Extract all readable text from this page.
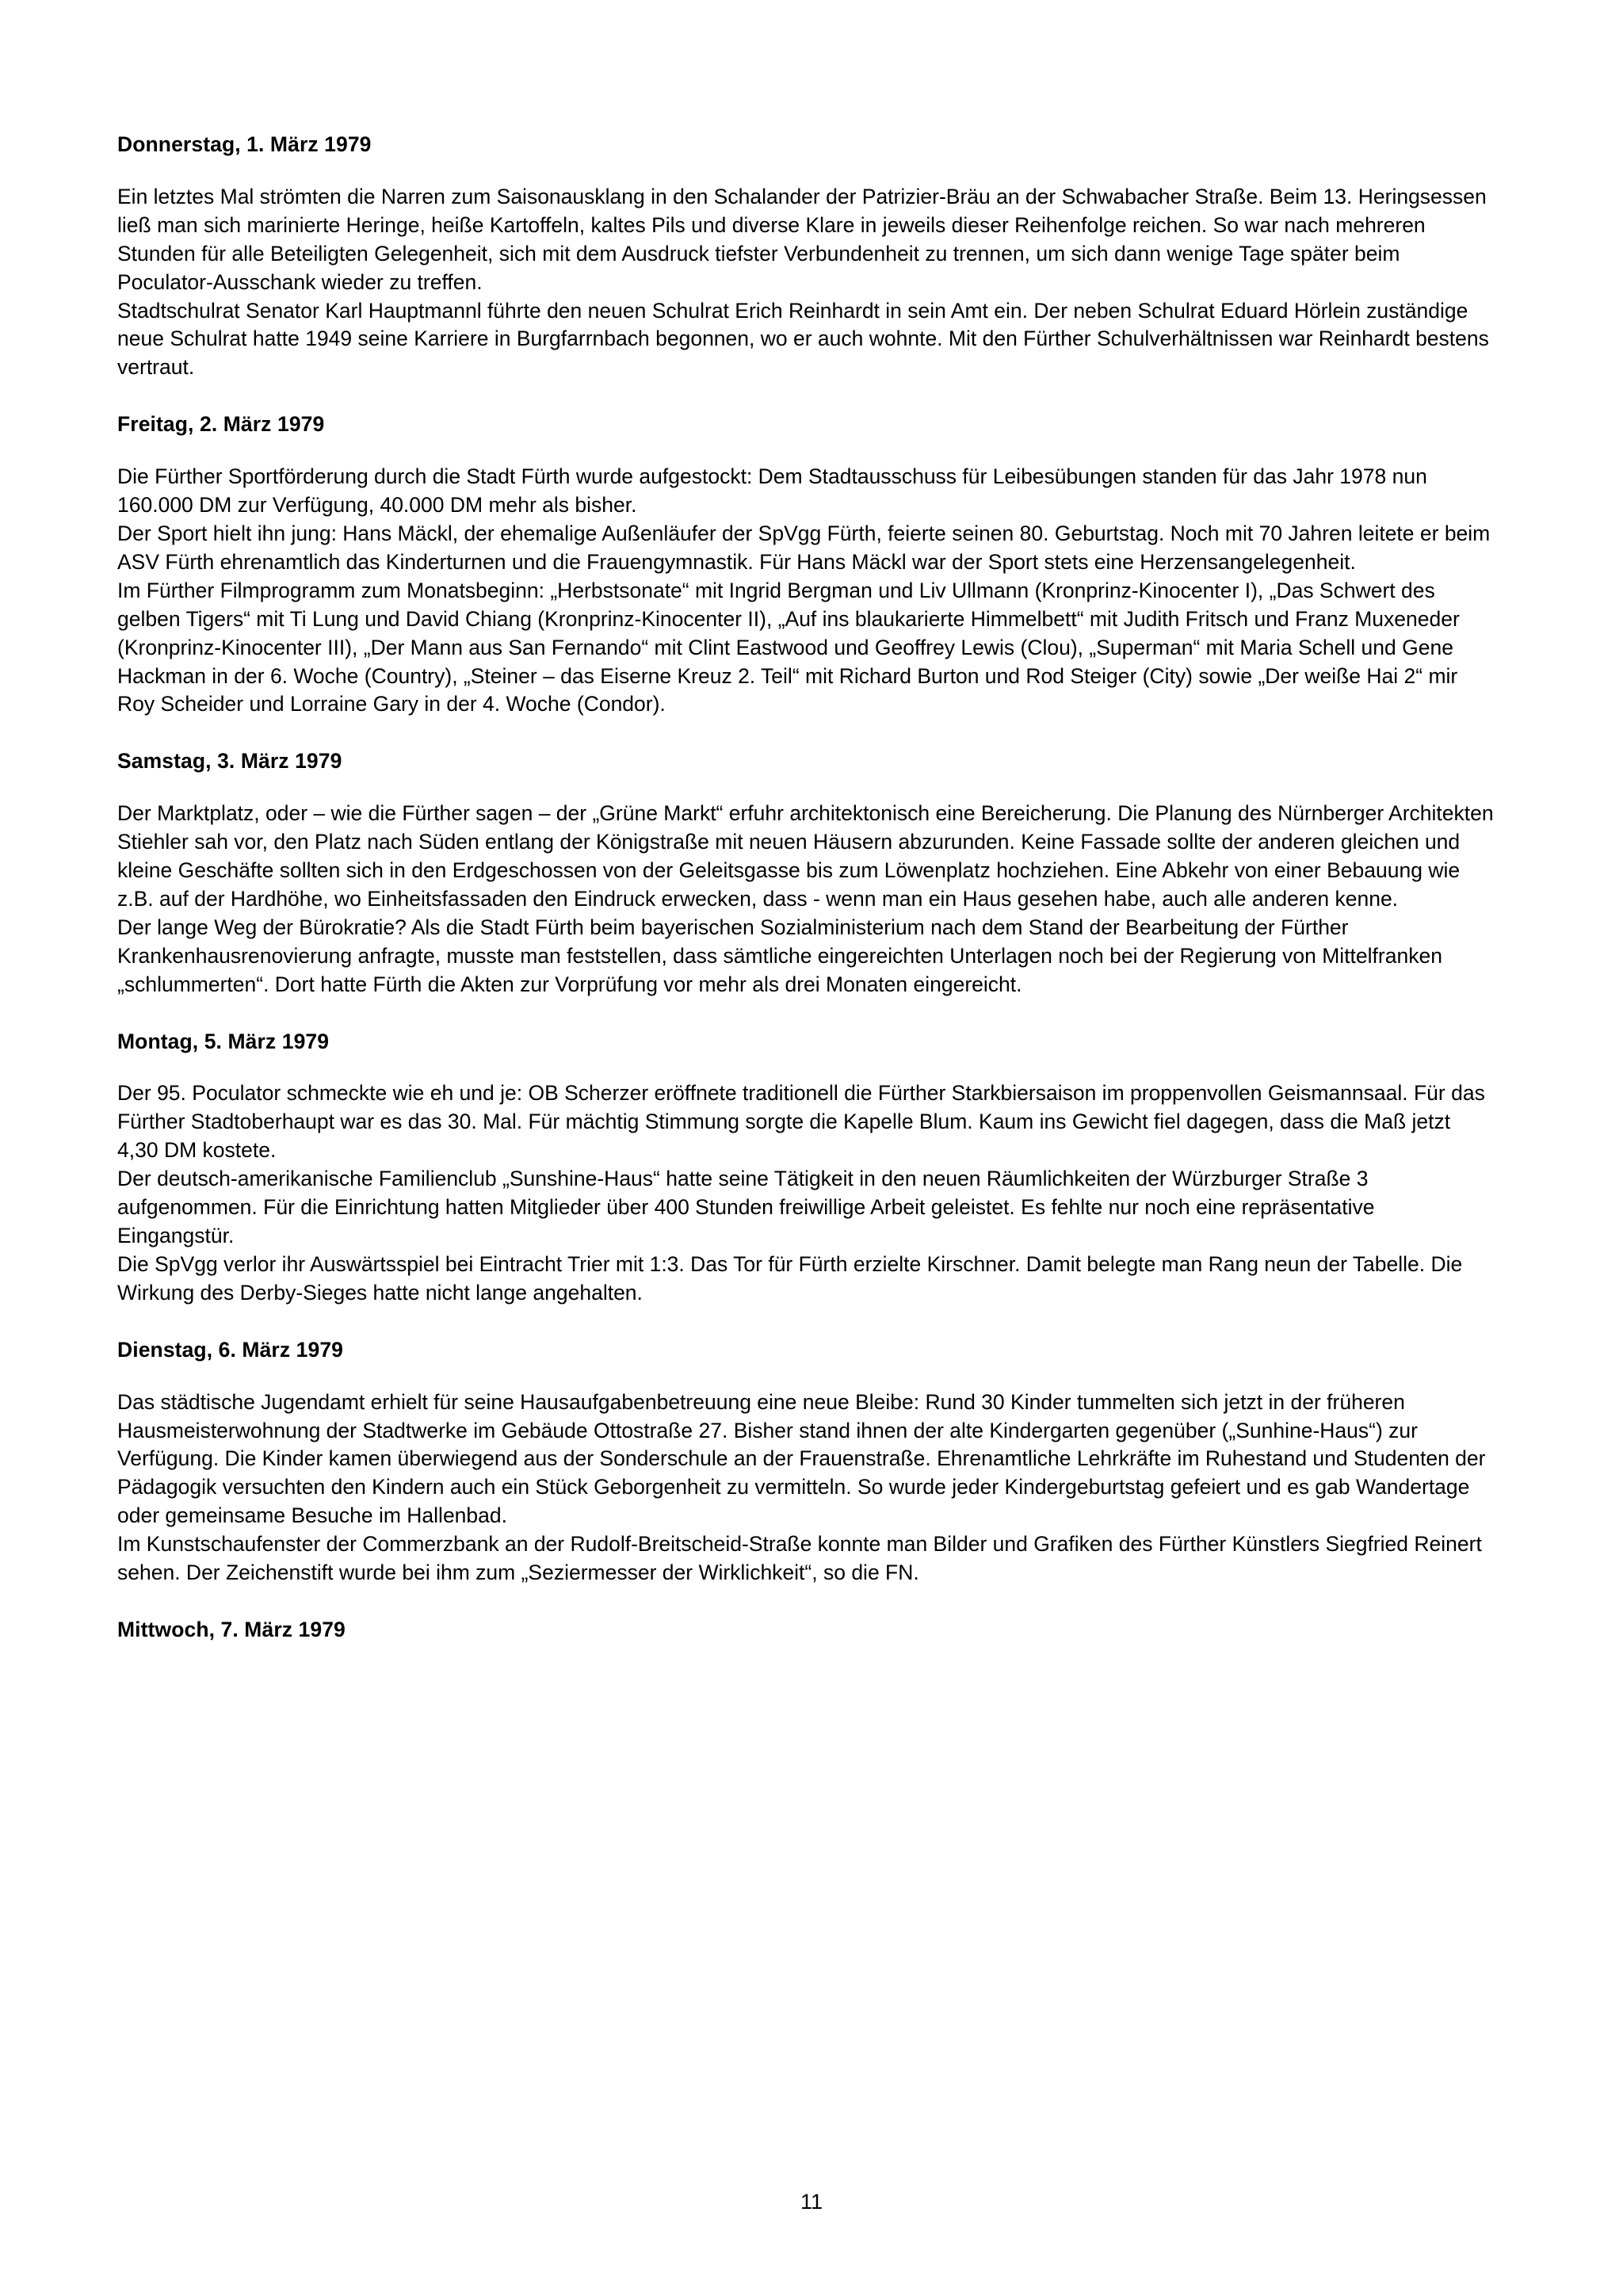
Donnerstag, 1. März 1979

Ein letztes Mal strömten die Narren zum Saisonausklang in den Schalander der Patrizier-Bräu an der Schwabacher Straße. Beim 13. Heringsessen ließ man sich marinierte Heringe, heiße Kartoffeln, kaltes Pils und diverse Klare in jeweils dieser Reihenfolge reichen. So war nach mehreren Stunden für alle Beteiligten Gelegenheit, sich mit dem Ausdruck tiefster Verbundenheit zu trennen, um sich dann wenige Tage später beim Poculator-Ausschank wieder zu treffen.

Stadtschulrat Senator Karl Hauptmannl führte den neuen Schulrat Erich Reinhardt in sein Amt ein. Der neben Schulrat Eduard Hörlein zuständige neue Schulrat hatte 1949 seine Karriere in Burgfarrnbach begonnen, wo er auch wohnte. Mit den Fürther Schulverhältnissen war Reinhardt bestens vertraut.

Freitag, 2. März 1979

Die Fürther Sportförderung durch die Stadt Fürth wurde aufgestockt: Dem Stadtausschuss für Leibesübungen standen für das Jahr 1978 nun 160.000 DM zur Verfügung, 40.000 DM mehr als bisher.

Der Sport hielt ihn jung: Hans Mäckl, der ehemalige Außenläufer der SpVgg Fürth, feierte seinen 80. Geburtstag. Noch mit 70 Jahren leitete er beim ASV Fürth ehrenamtlich das Kinderturnen und die Frauengymnastik. Für Hans Mäckl war der Sport stets eine Herzensangelegenheit.

Im Fürther Filmprogramm zum Monatsbeginn: „Herbstsonate“ mit Ingrid Bergman und Liv Ullmann (Kronprinz-Kinocenter I), „Das Schwert des gelben Tigers“ mit Ti Lung und David Chiang (Kronprinz-Kinocenter II), „Auf ins blaukarierte Himmelbett“ mit Judith Fritsch und Franz Muxeneder (Kronprinz-Kinocenter III), „Der Mann aus San Fernando“ mit Clint Eastwood und Geoffrey Lewis (Clou), „Superman“ mit Maria Schell und Gene Hackman in der 6. Woche (Country), „Steiner – das Eiserne Kreuz 2. Teil“ mit Richard Burton und Rod Steiger (City) sowie „Der weiße Hai 2“ mir Roy Scheider und Lorraine Gary in der 4. Woche (Condor).

Samstag, 3. März 1979

Der Marktplatz, oder – wie die Fürther sagen – der „Grüne Markt“ erfuhr architektonisch eine Bereicherung. Die Planung des Nürnberger Architekten Stiehler sah vor, den Platz nach Süden entlang der Königstraße mit neuen Häusern abzurunden. Keine Fassade sollte der anderen gleichen und kleine Geschäfte sollten sich in den Erdgeschossen von der Geleitsgasse bis zum Löwenplatz hochziehen. Eine Abkehr von einer Bebauung wie z.B. auf der Hardhöhe, wo Einheitsfassaden den Eindruck erwecken, dass - wenn man ein Haus gesehen habe, auch alle anderen kenne.

Der lange Weg der Bürokratie? Als die Stadt Fürth beim bayerischen Sozialministerium nach dem Stand der Bearbeitung der Fürther Krankenhausrenovierung anfragte, musste man feststellen, dass sämtliche eingereichten Unterlagen noch bei der Regierung von Mittelfranken „schlummerten“. Dort hatte Fürth die Akten zur Vorprüfung vor mehr als drei Monaten eingereicht.

Montag, 5. März 1979

Der 95. Poculator schmeckte wie eh und je: OB Scherzer eröffnete traditionell die Fürther Starkbiersaison im proppenvollen Geismannsaal. Für das Fürther Stadtoberhaupt war es das 30. Mal. Für mächtig Stimmung sorgte die Kapelle Blum. Kaum ins Gewicht fiel dagegen, dass die Maß jetzt 4,30 DM kostete.

Der deutsch-amerikanische Familienclub „Sunshine-Haus“ hatte seine Tätigkeit in den neuen Räumlichkeiten der Würzburger Straße 3 aufgenommen. Für die Einrichtung hatten Mitglieder über 400 Stunden freiwillige Arbeit geleistet. Es fehlte nur noch eine repräsentative Eingangstür.

Die SpVgg verlor ihr Auswärtsspiel bei Eintracht Trier mit 1:3. Das Tor für Fürth erzielte Kirschner. Damit belegte man Rang neun der Tabelle. Die Wirkung des Derby-Sieges hatte nicht lange angehalten.

Dienstag, 6. März 1979

Das städtische Jugendamt erhielt für seine Hausaufgabenbetreuung eine neue Bleibe: Rund 30 Kinder tummelten sich jetzt in der früheren Hausmeisterwohnung der Stadtwerke im Gebäude Ottostraße 27. Bisher stand ihnen der alte Kindergarten gegenüber („Sunhine-Haus“) zur Verfügung. Die Kinder kamen überwiegend aus der Sonderschule an der Frauenstraße. Ehrenamtliche Lehrkräfte im Ruhestand und Studenten der Pädagogik versuchten den Kindern auch ein Stück Geborgenheit zu vermitteln. So wurde jeder Kindergeburtstag gefeiert und es gab Wandertage oder gemeinsame Besuche im Hallenbad.

Im Kunstschaufenster der Commerzbank an der Rudolf-Breitscheid-Straße konnte man Bilder und Grafiken des Fürther Künstlers Siegfried Reinert sehen. Der Zeichenstift wurde bei ihm zum „Seziermesser der Wirklichkeit“, so die FN.

Mittwoch, 7. März 1979
11
